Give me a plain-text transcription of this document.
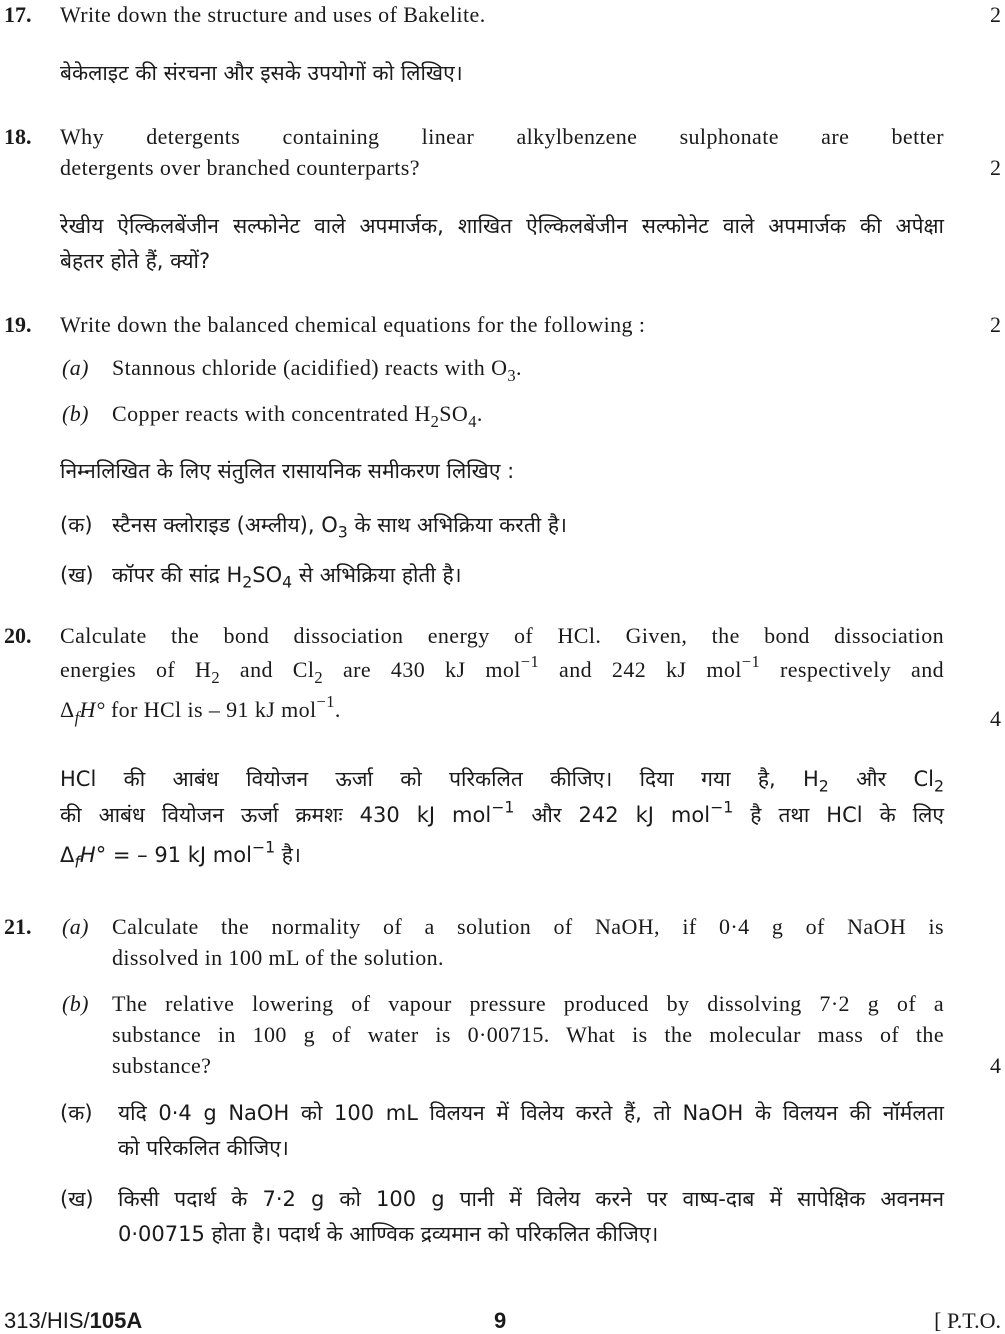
17. Write down the structure and uses of Bakelite.	2
बेकेलाइट की संरचना और इसके उपयोगों को लिखिए।
18. Why detergents containing linear alkylbenzene sulphonate are better
detergents over branched counterparts?	2
रेखीय ऐल्किलबेंजीन सल्फोनेट वाले अपमार्जक, शाखित ऐल्किलबेंजीन सल्फोनेट वाले अपमार्जक की अपेक्षा
बेहतर होते हैं, क्यों?
19. Write down the balanced chemical equations for the following :	2
(a) Stannous chloride (acidified) reacts with $O_3$.
(b) Copper reacts with concentrated $H_2SO_4$.
निम्नलिखित के लिए संतुलित रासायनिक समीकरण लिखिए :
(क) स्टैनस क्लोराइड (अम्लीय), $O_3$ के साथ अभिक्रिया करती है।
(ख) कॉपर की सांद्र $H_2SO_4$ से अभिक्रिया होती है।
20. Calculate the bond dissociation energy of HCl. Given, the bond dissociation
energies of $H_2$ and $Cl_2$ are 430 kJ mol$^{-1}$ and 242 kJ mol$^{-1}$ respectively and
$\Delta_fH^\circ$ for HCl is – 91 kJ mol$^{-1}$.	4
HCl की आबंध वियोजन ऊर्जा को परिकलित कीजिए। दिया गया है, $H_2$ और $Cl_2$
की आबंध वियोजन ऊर्जा क्रमशः 430 kJ mol$^{-1}$ और 242 kJ mol$^{-1}$ है तथा HCl के लिए
$\Delta_fH^\circ$ = – 91 kJ mol$^{-1}$ है।
21. (a) Calculate the normality of a solution of NaOH, if 0·4 g of NaOH is
dissolved in 100 mL of the solution.
(b) The relative lowering of vapour pressure produced by dissolving 7·2 g of a
substance in 100 g of water is 0·00715. What is the molecular mass of the
substance?	4
(क) यदि 0·4 g NaOH को 100 mL विलयन में विलेय करते हैं, तो NaOH के विलयन की नॉर्मलता
को परिकलित कीजिए।
(ख) किसी पदार्थ के 7·2 g को 100 g पानी में विलेय करने पर वाष्प-दाब में सापेक्षिक अवनमन
0·00715 होता है। पदार्थ के आण्विक द्रव्यमान को परिकलित कीजिए।
313/HIS/105A	9	[ P.T.O.
